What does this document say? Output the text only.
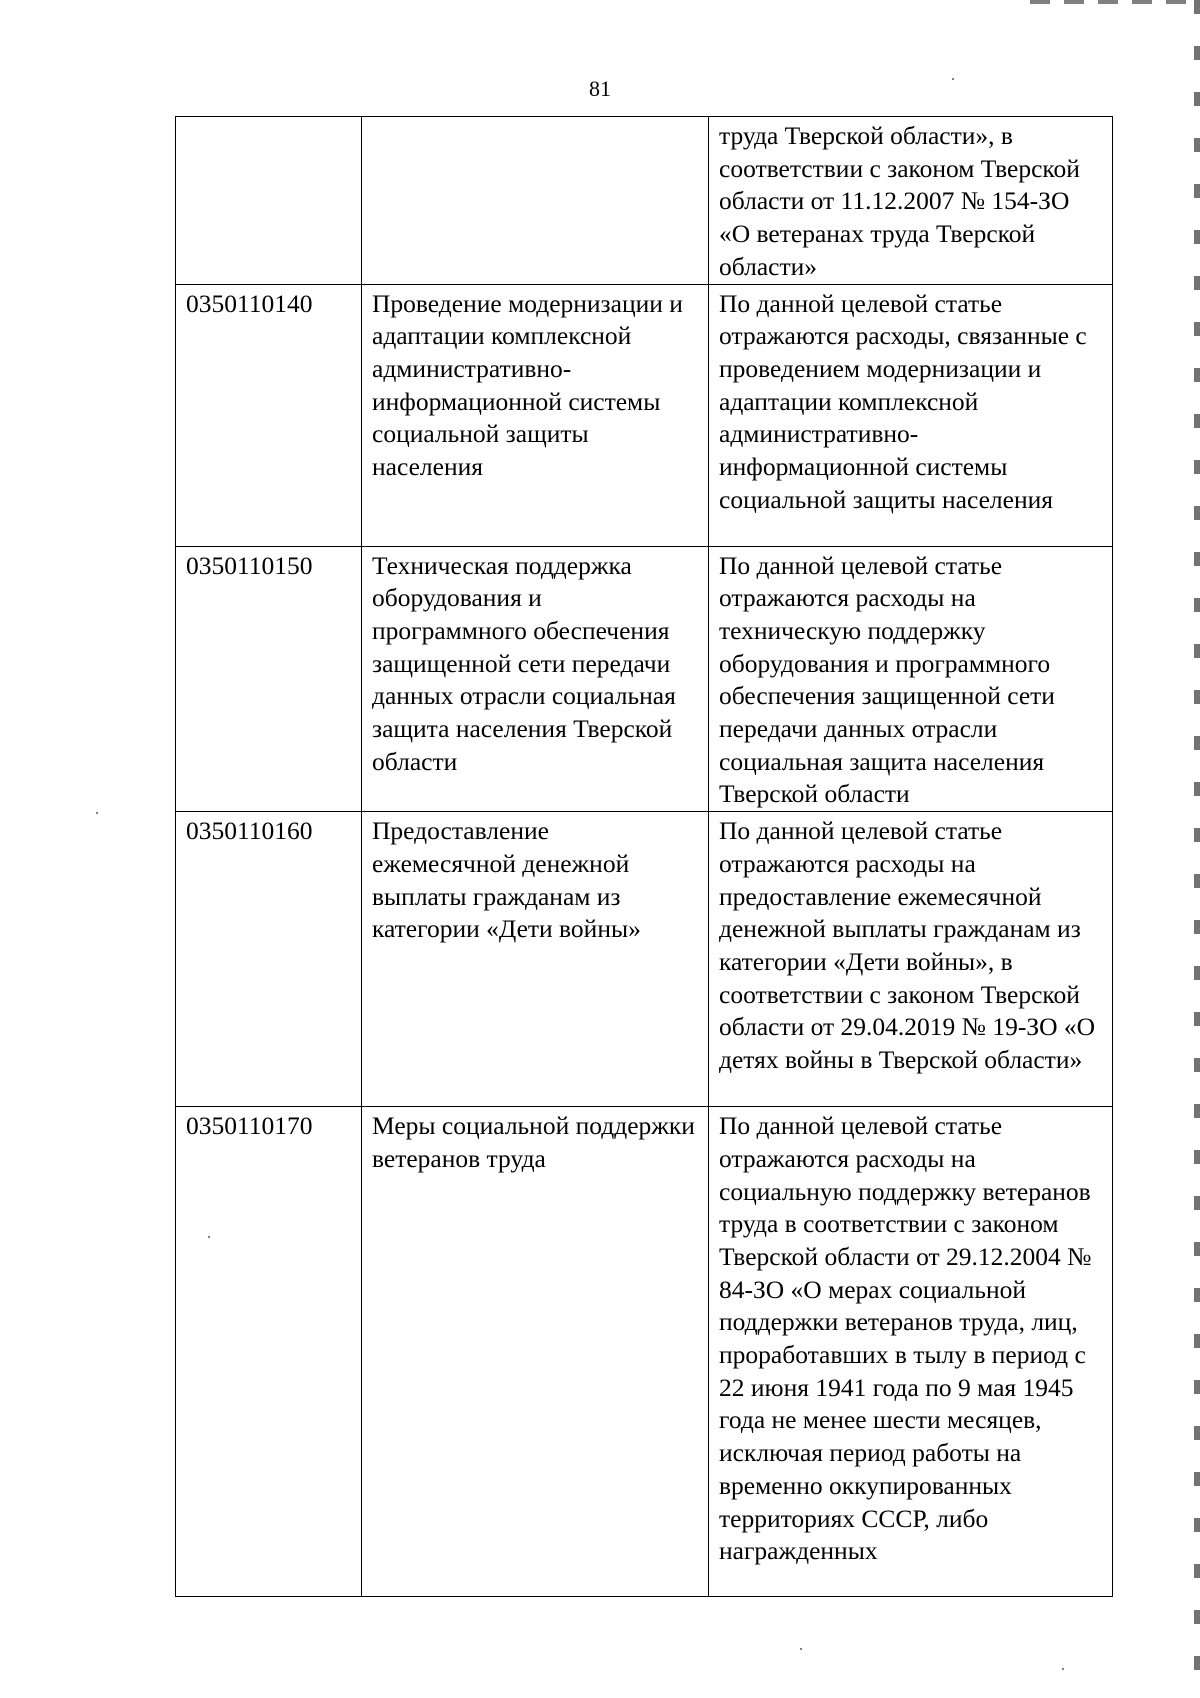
81

		труда Тверской области», в соответствии с законом Тверской области от 11.12.2007 № 154-ЗО «О ветеранах труда Тверской области»

0350110140	Проведение модернизации и адаптации комплексной административно-информационной системы социальной защиты населения	По данной целевой статье отражаются расходы, связанные с проведением модернизации и адаптации комплексной административно-информационной системы социальной защиты населения

0350110150	Техническая поддержка оборудования и программного обеспечения защищенной сети передачи данных отрасли социальная защита населения Тверской области	По данной целевой статье отражаются расходы на техническую поддержку оборудования и программного обеспечения защищенной сети передачи данных отрасли социальная защита населения Тверской области

0350110160	Предоставление ежемесячной денежной выплаты гражданам из категории «Дети войны»	По данной целевой статье отражаются расходы на предоставление ежемесячной денежной выплаты гражданам из категории «Дети войны», в соответствии с законом Тверской области от 29.04.2019 № 19-ЗО «О детях войны в Тверской области»

0350110170	Меры социальной поддержки ветеранов труда	По данной целевой статье отражаются расходы на социальную поддержку ветеранов труда в соответствии с законом Тверской области от 29.12.2004 № 84-ЗО «О мерах социальной поддержки ветеранов труда, лиц, проработавших в тылу в период с 22 июня 1941 года по 9 мая 1945 года не менее шести месяцев, исключая период работы на временно оккупированных территориях СССР, либо награжденных
